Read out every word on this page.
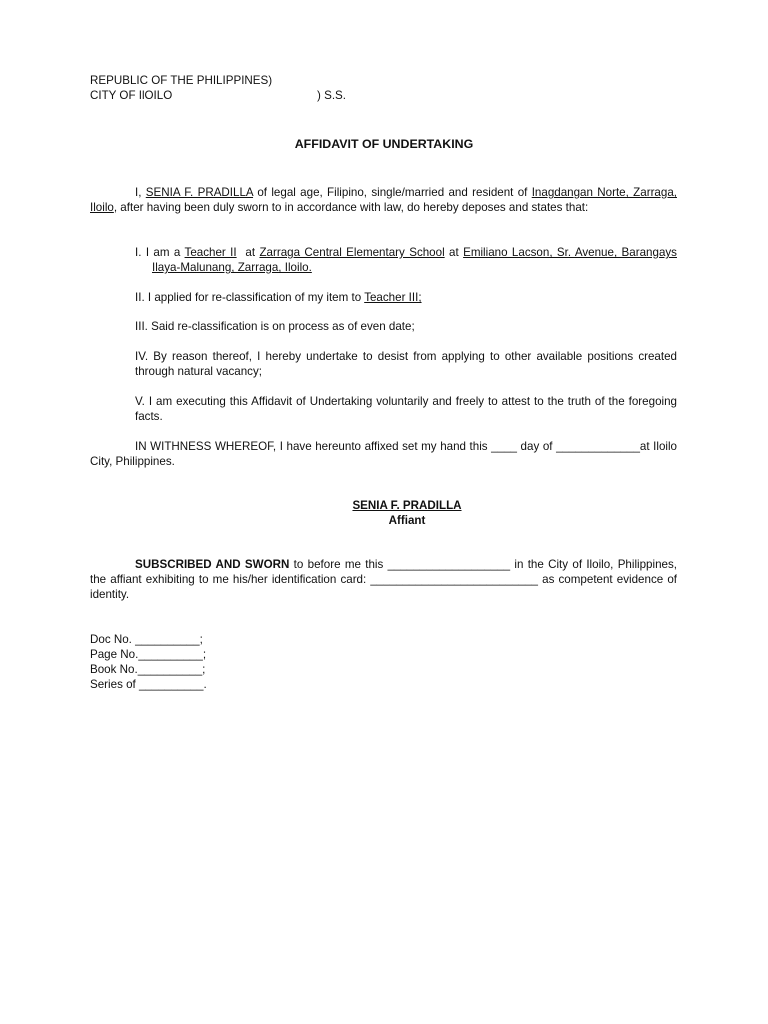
REPUBLIC OF THE PHILIPPINES)
CITY OF IlOILO	) S.S.
AFFIDAVIT OF UNDERTAKING
I, SENIA F. PRADILLA of legal age, Filipino, single/married and resident of Inagdangan Norte, Zarraga, Iloilo, after having been duly sworn to in accordance with law, do hereby deposes and states that:
I. I am a Teacher II  at Zarraga Central Elementary School at Emiliano Lacson, Sr. Avenue, Barangays Ilaya-Malunang, Zarraga, Iloilo.
II. I applied for re-classification of my item to Teacher III;
III. Said re-classification is on process as of even date;
IV. By reason thereof, I hereby undertake to desist from applying to other available positions created through natural vacancy;
V. I am executing this Affidavit of Undertaking voluntarily and freely to attest to the truth of the foregoing facts.
IN WITHNESS WHEREOF, I have hereunto affixed set my hand this ____ day of _____________at Iloilo City, Philippines.
SENIA F. PRADILLA
Affiant
SUBSCRIBED AND SWORN to before me this ___________________ in the City of Iloilo, Philippines, the affiant exhibiting to me his/her identification card: __________________________ as competent evidence of identity.
Doc No. __________;
Page No.__________;
Book No.__________;
Series of __________.
